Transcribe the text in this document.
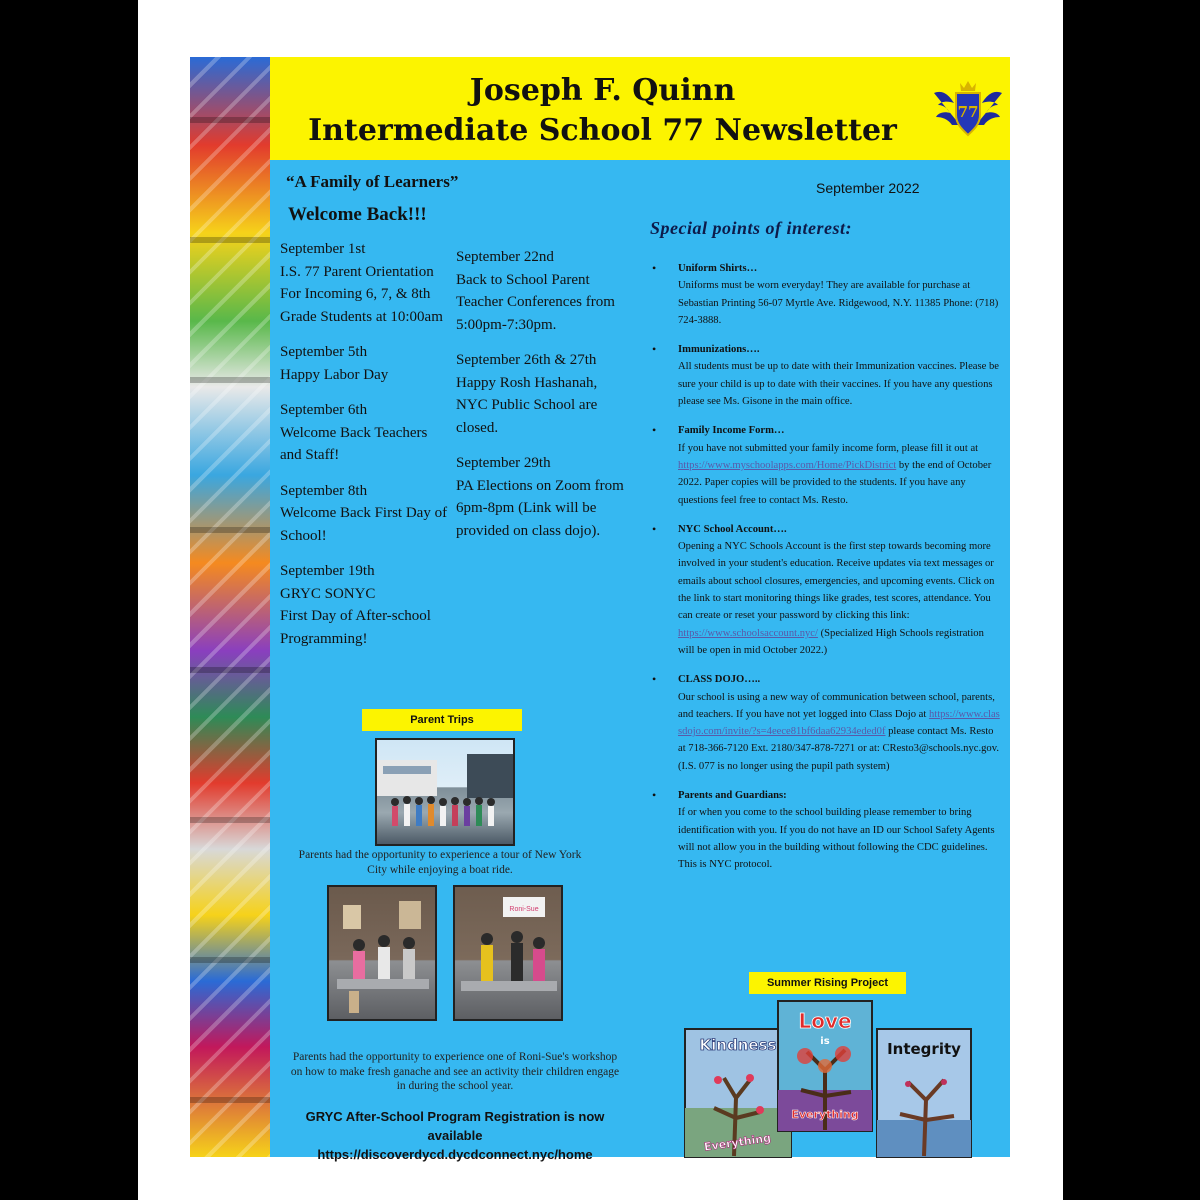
Joseph F. Quinn
Intermediate School 77 Newsletter
77
“A Family of Learners”
Welcome Back!!!
September 2022
September 1st
I.S. 77 Parent Orientation For Incoming 6, 7, & 8th Grade Students at 10:00am
September 5th
Happy Labor Day
September 6th
Welcome Back Teachers and Staff!
September 8th
Welcome Back First Day of School!
September 19th
GRYC SONYC
First Day of After-school Programming!
September 22nd
Back to School Parent Teacher Conferences from 5:00pm-7:30pm.
September 26th & 27th
Happy Rosh Hashanah, NYC Public School are closed.
September 29th
PA Elections on Zoom from 6pm-8pm (Link will be provided on class dojo).
Special points of interest:
• Uniform Shirts…
Uniforms must be worn everyday! They are available for purchase at Sebastian Printing 56-07 Myrtle Ave. Ridgewood, N.Y. 11385 Phone: (718) 724-3888.
• Immunizations….
All students must be up to date with their Immunization vaccines. Please be sure your child is up to date with their vaccines. If you have any questions please see Ms. Gisone in the main office.
• Family Income Form…
If you have not submitted your family income form, please fill it out at https://www.myschoolapps.com/Home/PickDistrict by the end of October 2022. Paper copies will be provided to the students. If you have any questions feel free to contact Ms. Resto.
• NYC School Account….
Opening a NYC Schools Account is the first step towards becoming more involved in your student's education. Receive updates via text messages or emails about school closures, emergencies, and upcoming events. Click on the link to start monitoring things like grades, test scores, attendance. You can create or reset your password by clicking this link: https://www.schoolsaccount.nyc/ (Specialized High Schools registration will be open in mid October 2022.)
• CLASS DOJO…..
Our school is using a new way of communication between school, parents, and teachers. If you have not yet logged into Class Dojo at https://www.classdojo.com/invite/?s=4eece81bf6daa62934eded0f please contact Ms. Resto at 718-366-7120 Ext. 2180/347-878-7271 or at: CResto3@schools.nyc.gov. (I.S. 077 is no longer using the pupil path system)
• Parents and Guardians:
If or when you come to the school building please remember to bring identification with you. If you do not have an ID our School Safety Agents will not allow you in the building without following the CDC guidelines. This is NYC protocol.
Parent Trips
Parents had the opportunity to experience a tour of New York City while enjoying a boat ride.
Roni-Sue
Parents had the opportunity to experience one of Roni-Sue's workshop on how to make fresh ganache and see an activity their children engage in during the school year.
GRYC After-School Program Registration is now available
https://discoverdycd.dycdconnect.nyc/home
Summer Rising Project
Kindness
Everything
Love
is
Everything
Integrity
